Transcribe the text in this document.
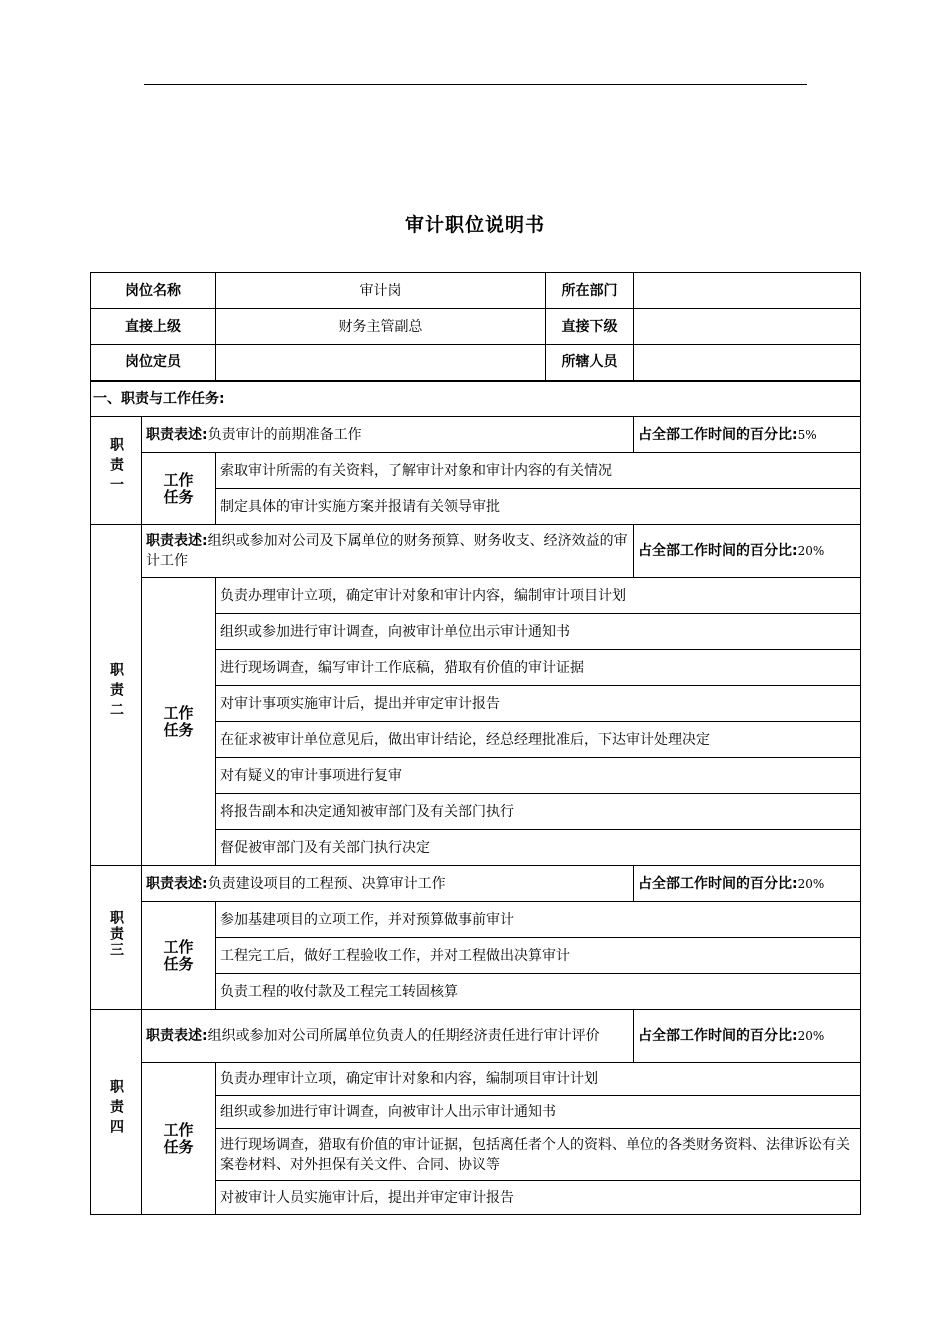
审计职位说明书
岗位名称		审计岗	所在部门	
直接上级		财务主管副总	直接下级	
岗位定员			所辖人员	
一、职责与工作任务:				
职责一	职责表述:负责审计的前期准备工作			占全部工作时间的百分比:5%
	工作任务	索取审计所需的有关资料，了解审计对象和审计内容的有关情况		
		制定具体的审计实施方案并报请有关领导审批		
职责二	职责表述:组织或参加对公司及下属单位的财务预算、财务收支、经济效益的审计工作			占全部工作时间的百分比:20%
	工作任务	负责办理审计立项，确定审计对象和审计内容，编制审计项目计划		
		组织或参加进行审计调查，向被审计单位出示审计通知书		
		进行现场调查，编写审计工作底稿，猎取有价值的审计证据		
		对审计事项实施审计后，提出并审定审计报告		
		在征求被审计单位意见后，做出审计结论，经总经理批准后，下达审计处理决定		
		对有疑义的审计事项进行复审		
		将报告副本和决定通知被审部门及有关部门执行		
		督促被审部门及有关部门执行决定		
职责三	职责表述:负责建设项目的工程预、决算审计工作			占全部工作时间的百分比:20%
	工作任务	参加基建项目的立项工作，并对预算做事前审计		
		工程完工后，做好工程验收工作，并对工程做出决算审计		
		负责工程的收付款及工程完工转固核算		
职责四	职责表述:组织或参加对公司所属单位负责人的任期经济责任进行审计评价			占全部工作时间的百分比:20%
	工作任务	负责办理审计立项，确定审计对象和内容，编制项目审计计划		
		组织或参加进行审计调查，向被审计人出示审计通知书		
		进行现场调查，猎取有价值的审计证据，包括离任者个人的资料、单位的各类财务资料、法律诉讼有关案卷材料、对外担保有关文件、合同、协议等		
		对被审计人员实施审计后，提出并审定审计报告		
